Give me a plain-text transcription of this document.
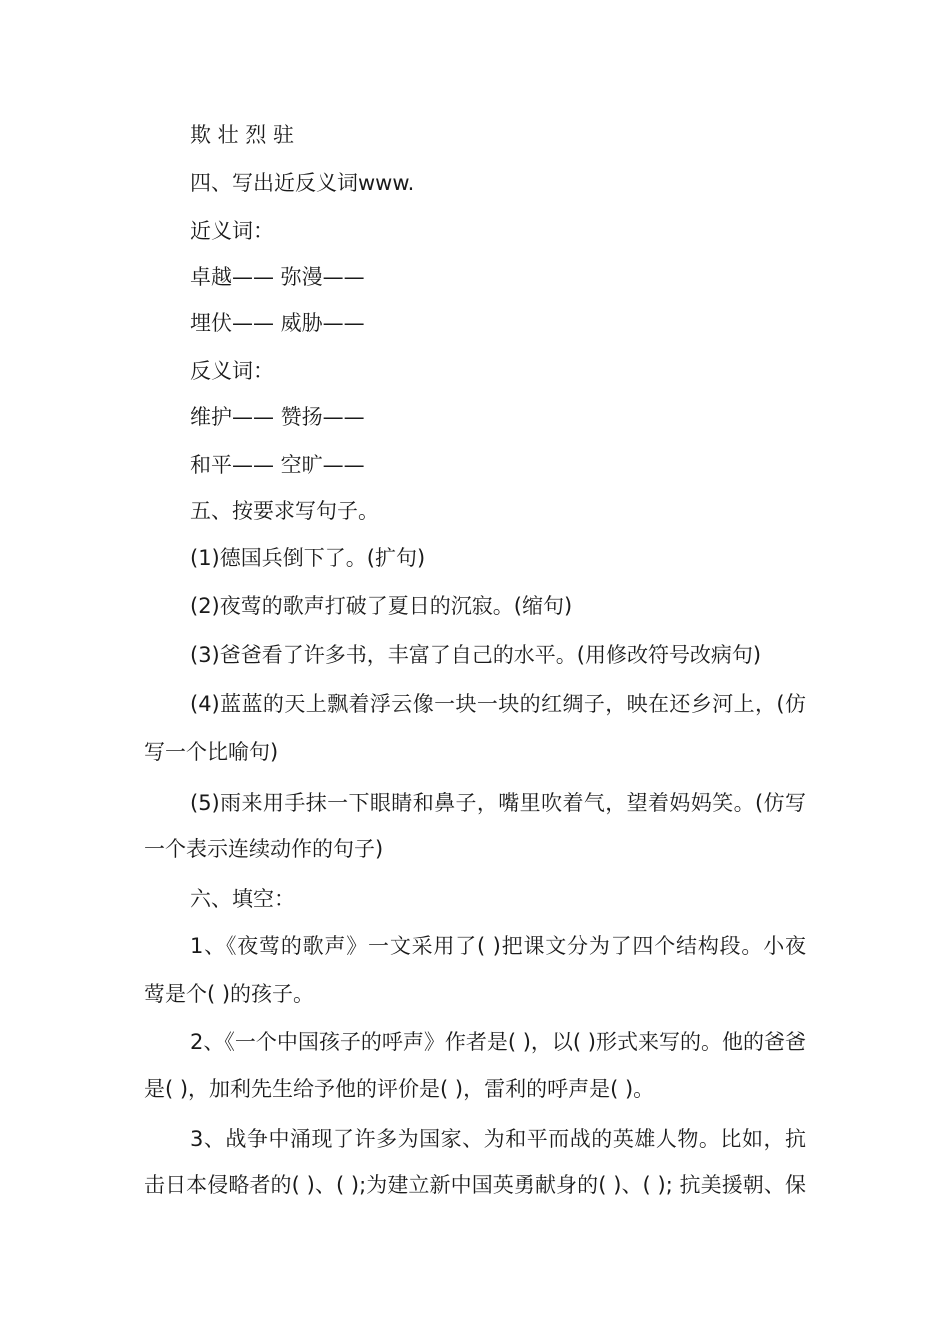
欺 壮 烈 驻
四、写出近反义词www.
近义词：
卓越—— 弥漫——
埋伏—— 威胁——
反义词：
维护—— 赞扬——
和平—— 空旷——
五、按要求写句子。
(1)德国兵倒下了。(扩句)
(2)夜莺的歌声打破了夏日的沉寂。(缩句)
(3)爸爸看了许多书，丰富了自己的水平。(用修改符号改病句)
(4)蓝蓝的天上飘着浮云像一块一块的红绸子，映在还乡河上，(仿
写一个比喻句)
(5)雨来用手抹一下眼睛和鼻子，嘴里吹着气，望着妈妈笑。(仿写
一个表示连续动作的句子)
六、填空：
1、《夜莺的歌声》一文采用了( )把课文分为了四个结构段。小夜
莺是个( )的孩子。
2、《一个中国孩子的呼声》作者是( )，以( )形式来写的。他的爸爸
是( )，加利先生给予他的评价是( )，雷利的呼声是( )。
3、战争中涌现了许多为国家、为和平而战的英雄人物。比如，抗
击日本侵略者的( )、( );为建立新中国英勇献身的( )、( ); 抗美援朝、保
